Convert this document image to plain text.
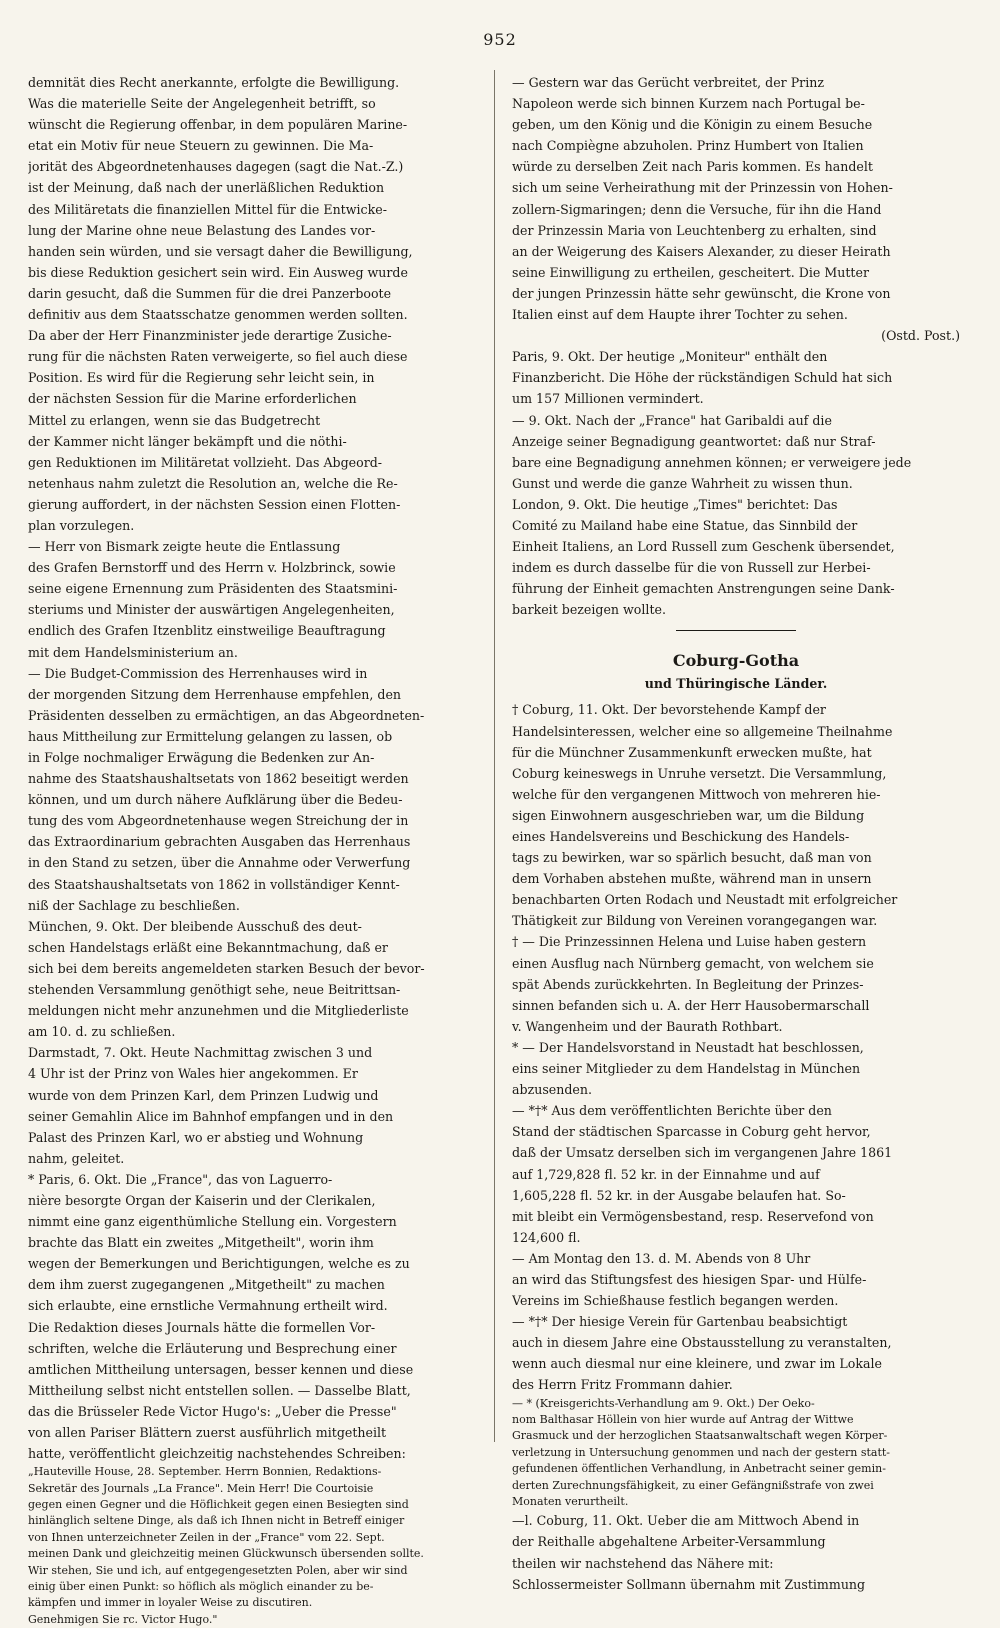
952
demnität dies Recht anerkannte, erfolgte die Bewilligung.
Was die materielle Seite der Angelegenheit betrifft, so
wünscht die Regierung offenbar, in dem populären Marine-
etat ein Motiv für neue Steuern zu gewinnen. Die Ma-
jorität des Abgeordnetenhauses dagegen (sagt die Nat.-Z.)
ist der Meinung, daß nach der unerläßlichen Reduktion
des Militäretats die finanziellen Mittel für die Entwicke-
lung der Marine ohne neue Belastung des Landes vor-
handen sein würden, und sie versagt daher die Bewilligung,
bis diese Reduktion gesichert sein wird. Ein Ausweg wurde
darin gesucht, daß die Summen für die drei Panzerboote
definitiv aus dem Staatsschatze genommen werden sollten.
Da aber der Herr Finanzminister jede derartige Zusiche-
rung für die nächsten Raten verweigerte, so fiel auch diese
Position. Es wird für die Regierung sehr leicht sein, in
der nächsten Session für die Marine erforderlichen
Mittel zu erlangen, wenn sie das Budgetrecht
der Kammer nicht länger bekämpft und die nöthi-
gen Reduktionen im Militäretat vollzieht. Das Abgeord-
netenhaus nahm zuletzt die Resolution an, welche die Re-
gierung auffordert, in der nächsten Session einen Flotten-
plan vorzulegen.
— Herr von Bismark zeigte heute die Entlassung
des Grafen Bernstorff und des Herrn v. Holzbrinck, sowie
seine eigene Ernennung zum Präsidenten des Staatsmini-
steriums und Minister der auswärtigen Angelegenheiten,
endlich des Grafen Itzenblitz einstweilige Beauftragung
mit dem Handelsministerium an.
— Die Budget-Commission des Herrenhauses wird in
der morgenden Sitzung dem Herrenhause empfehlen, den
Präsidenten desselben zu ermächtigen, an das Abgeordneten-
haus Mittheilung zur Ermittelung gelangen zu lassen, ob
in Folge nochmaliger Erwägung die Bedenken zur An-
nahme des Staatshaushaltsetats von 1862 beseitigt werden
können, und um durch nähere Aufklärung über die Bedeu-
tung des vom Abgeordnetenhause wegen Streichung der in
das Extraordinarium gebrachten Ausgaben das Herrenhaus
in den Stand zu setzen, über die Annahme oder Verwerfung
des Staatshaushaltsetats von 1862 in vollständiger Kennt-
niß der Sachlage zu beschließen.
München, 9. Okt. Der bleibende Ausschuß des deut-
schen Handelstags erläßt eine Bekanntmachung, daß er
sich bei dem bereits angemeldeten starken Besuch der bevor-
stehenden Versammlung genöthigt sehe, neue Beitrittsan-
meldungen nicht mehr anzunehmen und die Mitgliederliste
am 10. d. zu schließen.
Darmstadt, 7. Okt. Heute Nachmittag zwischen 3 und
4 Uhr ist der Prinz von Wales hier angekommen. Er
wurde von dem Prinzen Karl, dem Prinzen Ludwig und
seiner Gemahlin Alice im Bahnhof empfangen und in den
Palast des Prinzen Karl, wo er abstieg und Wohnung
nahm, geleitet.
* Paris, 6. Okt. Die „France", das von Laguerro-
nière besorgte Organ der Kaiserin und der Clerikalen,
nimmt eine ganz eigenthümliche Stellung ein. Vorgestern
brachte das Blatt ein zweites „Mitgetheilt", worin ihm
wegen der Bemerkungen und Berichtigungen, welche es zu
dem ihm zuerst zugegangenen „Mitgetheilt" zu machen
sich erlaubte, eine ernstliche Vermahnung ertheilt wird.
Die Redaktion dieses Journals hätte die formellen Vor-
schriften, welche die Erläuterung und Besprechung einer
amtlichen Mittheilung untersagen, besser kennen und diese
Mittheilung selbst nicht entstellen sollen. — Dasselbe Blatt,
das die Brüsseler Rede Victor Hugo's: „Ueber die Presse"
von allen Pariser Blättern zuerst ausführlich mitgetheilt
hatte, veröffentlicht gleichzeitig nachstehendes Schreiben:
„Hauteville House, 28. September. Herrn Bonnien, Redaktions-
Sekretär des Journals „La France". Mein Herr! Die Courtoisie
gegen einen Gegner und die Höflichkeit gegen einen Besiegten sind
hinlänglich seltene Dinge, als daß ich Ihnen nicht in Betreff einiger
von Ihnen unterzeichneter Zeilen in der „France" vom 22. Sept.
meinen Dank und gleichzeitig meinen Glückwunsch übersenden sollte.
Wir stehen, Sie und ich, auf entgegengesetzten Polen, aber wir sind
einig über einen Punkt: so höflich als möglich einander zu be-
kämpfen und immer in loyaler Weise zu discutiren.
Genehmigen Sie rc. Victor Hugo."
— Gestern war das Gerücht verbreitet, der Prinz
Napoleon werde sich binnen Kurzem nach Portugal be-
geben, um den König und die Königin zu einem Besuche
nach Compiègne abzuholen. Prinz Humbert von Italien
würde zu derselben Zeit nach Paris kommen. Es handelt
sich um seine Verheirathung mit der Prinzessin von Hohen-
zollern-Sigmaringen; denn die Versuche, für ihn die Hand
der Prinzessin Maria von Leuchtenberg zu erhalten, sind
an der Weigerung des Kaisers Alexander, zu dieser Heirath
seine Einwilligung zu ertheilen, gescheitert. Die Mutter
der jungen Prinzessin hätte sehr gewünscht, die Krone von
Italien einst auf dem Haupte ihrer Tochter zu sehen.
(Ostd. Post.)
Paris, 9. Okt. Der heutige „Moniteur" enthält den
Finanzbericht. Die Höhe der rückständigen Schuld hat sich
um 157 Millionen vermindert.
— 9. Okt. Nach der „France" hat Garibaldi auf die
Anzeige seiner Begnadigung geantwortet: daß nur Straf-
bare eine Begnadigung annehmen können; er verweigere jede
Gunst und werde die ganze Wahrheit zu wissen thun.
London, 9. Okt. Die heutige „Times" berichtet: Das
Comité zu Mailand habe eine Statue, das Sinnbild der
Einheit Italiens, an Lord Russell zum Geschenk übersendet,
indem es durch dasselbe für die von Russell zur Herbei-
führung der Einheit gemachten Anstrengungen seine Dank-
barkeit bezeigen wollte.
Coburg-Gotha
und Thüringische Länder.
† Coburg, 11. Okt. Der bevorstehende Kampf der
Handelsinteressen, welcher eine so allgemeine Theilnahme
für die Münchner Zusammenkunft erwecken mußte, hat
Coburg keineswegs in Unruhe versetzt. Die Versammlung,
welche für den vergangenen Mittwoch von mehreren hie-
sigen Einwohnern ausgeschrieben war, um die Bildung
eines Handelsvereins und Beschickung des Handels-
tags zu bewirken, war so spärlich besucht, daß man von
dem Vorhaben abstehen mußte, während man in unsern
benachbarten Orten Rodach und Neustadt mit erfolgreicher
Thätigkeit zur Bildung von Vereinen vorangegangen war.
† — Die Prinzessinnen Helena und Luise haben gestern
einen Ausflug nach Nürnberg gemacht, von welchem sie
spät Abends zurückkehrten. In Begleitung der Prinzes-
sinnen befanden sich u. A. der Herr Hausobermarschall
v. Wangenheim und der Baurath Rothbart.
* — Der Handelsvorstand in Neustadt hat beschlossen,
eins seiner Mitglieder zu dem Handelstag in München
abzusenden.
— *†* Aus dem veröffentlichten Berichte über den
Stand der städtischen Sparcasse in Coburg geht hervor,
daß der Umsatz derselben sich im vergangenen Jahre 1861
auf 1,729,828 fl. 52 kr. in der Einnahme und auf
1,605,228 fl. 52 kr. in der Ausgabe belaufen hat. So-
mit bleibt ein Vermögensbestand, resp. Reservefond von
124,600 fl.
— Am Montag den 13. d. M. Abends von 8 Uhr
an wird das Stiftungsfest des hiesigen Spar- und Hülfe-
Vereins im Schießhause festlich begangen werden.
— *†* Der hiesige Verein für Gartenbau beabsichtigt
auch in diesem Jahre eine Obstausstellung zu veranstalten,
wenn auch diesmal nur eine kleinere, und zwar im Lokale
des Herrn Fritz Frommann dahier.
— * (Kreisgerichts-Verhandlung am 9. Okt.) Der Oeko-
nom Balthasar Höllein von hier wurde auf Antrag der Wittwe
Grasmuck und der herzoglichen Staatsanwaltschaft wegen Körper-
verletzung in Untersuchung genommen und nach der gestern statt-
gefundenen öffentlichen Verhandlung, in Anbetracht seiner gemin-
derten Zurechnungsfähigkeit, zu einer Gefängnißstrafe von zwei
Monaten verurtheilt.
—l. Coburg, 11. Okt. Ueber die am Mittwoch Abend in
der Reithalle abgehaltene Arbeiter-Versammlung
theilen wir nachstehend das Nähere mit:
Schlossermeister Sollmann übernahm mit Zustimmung
